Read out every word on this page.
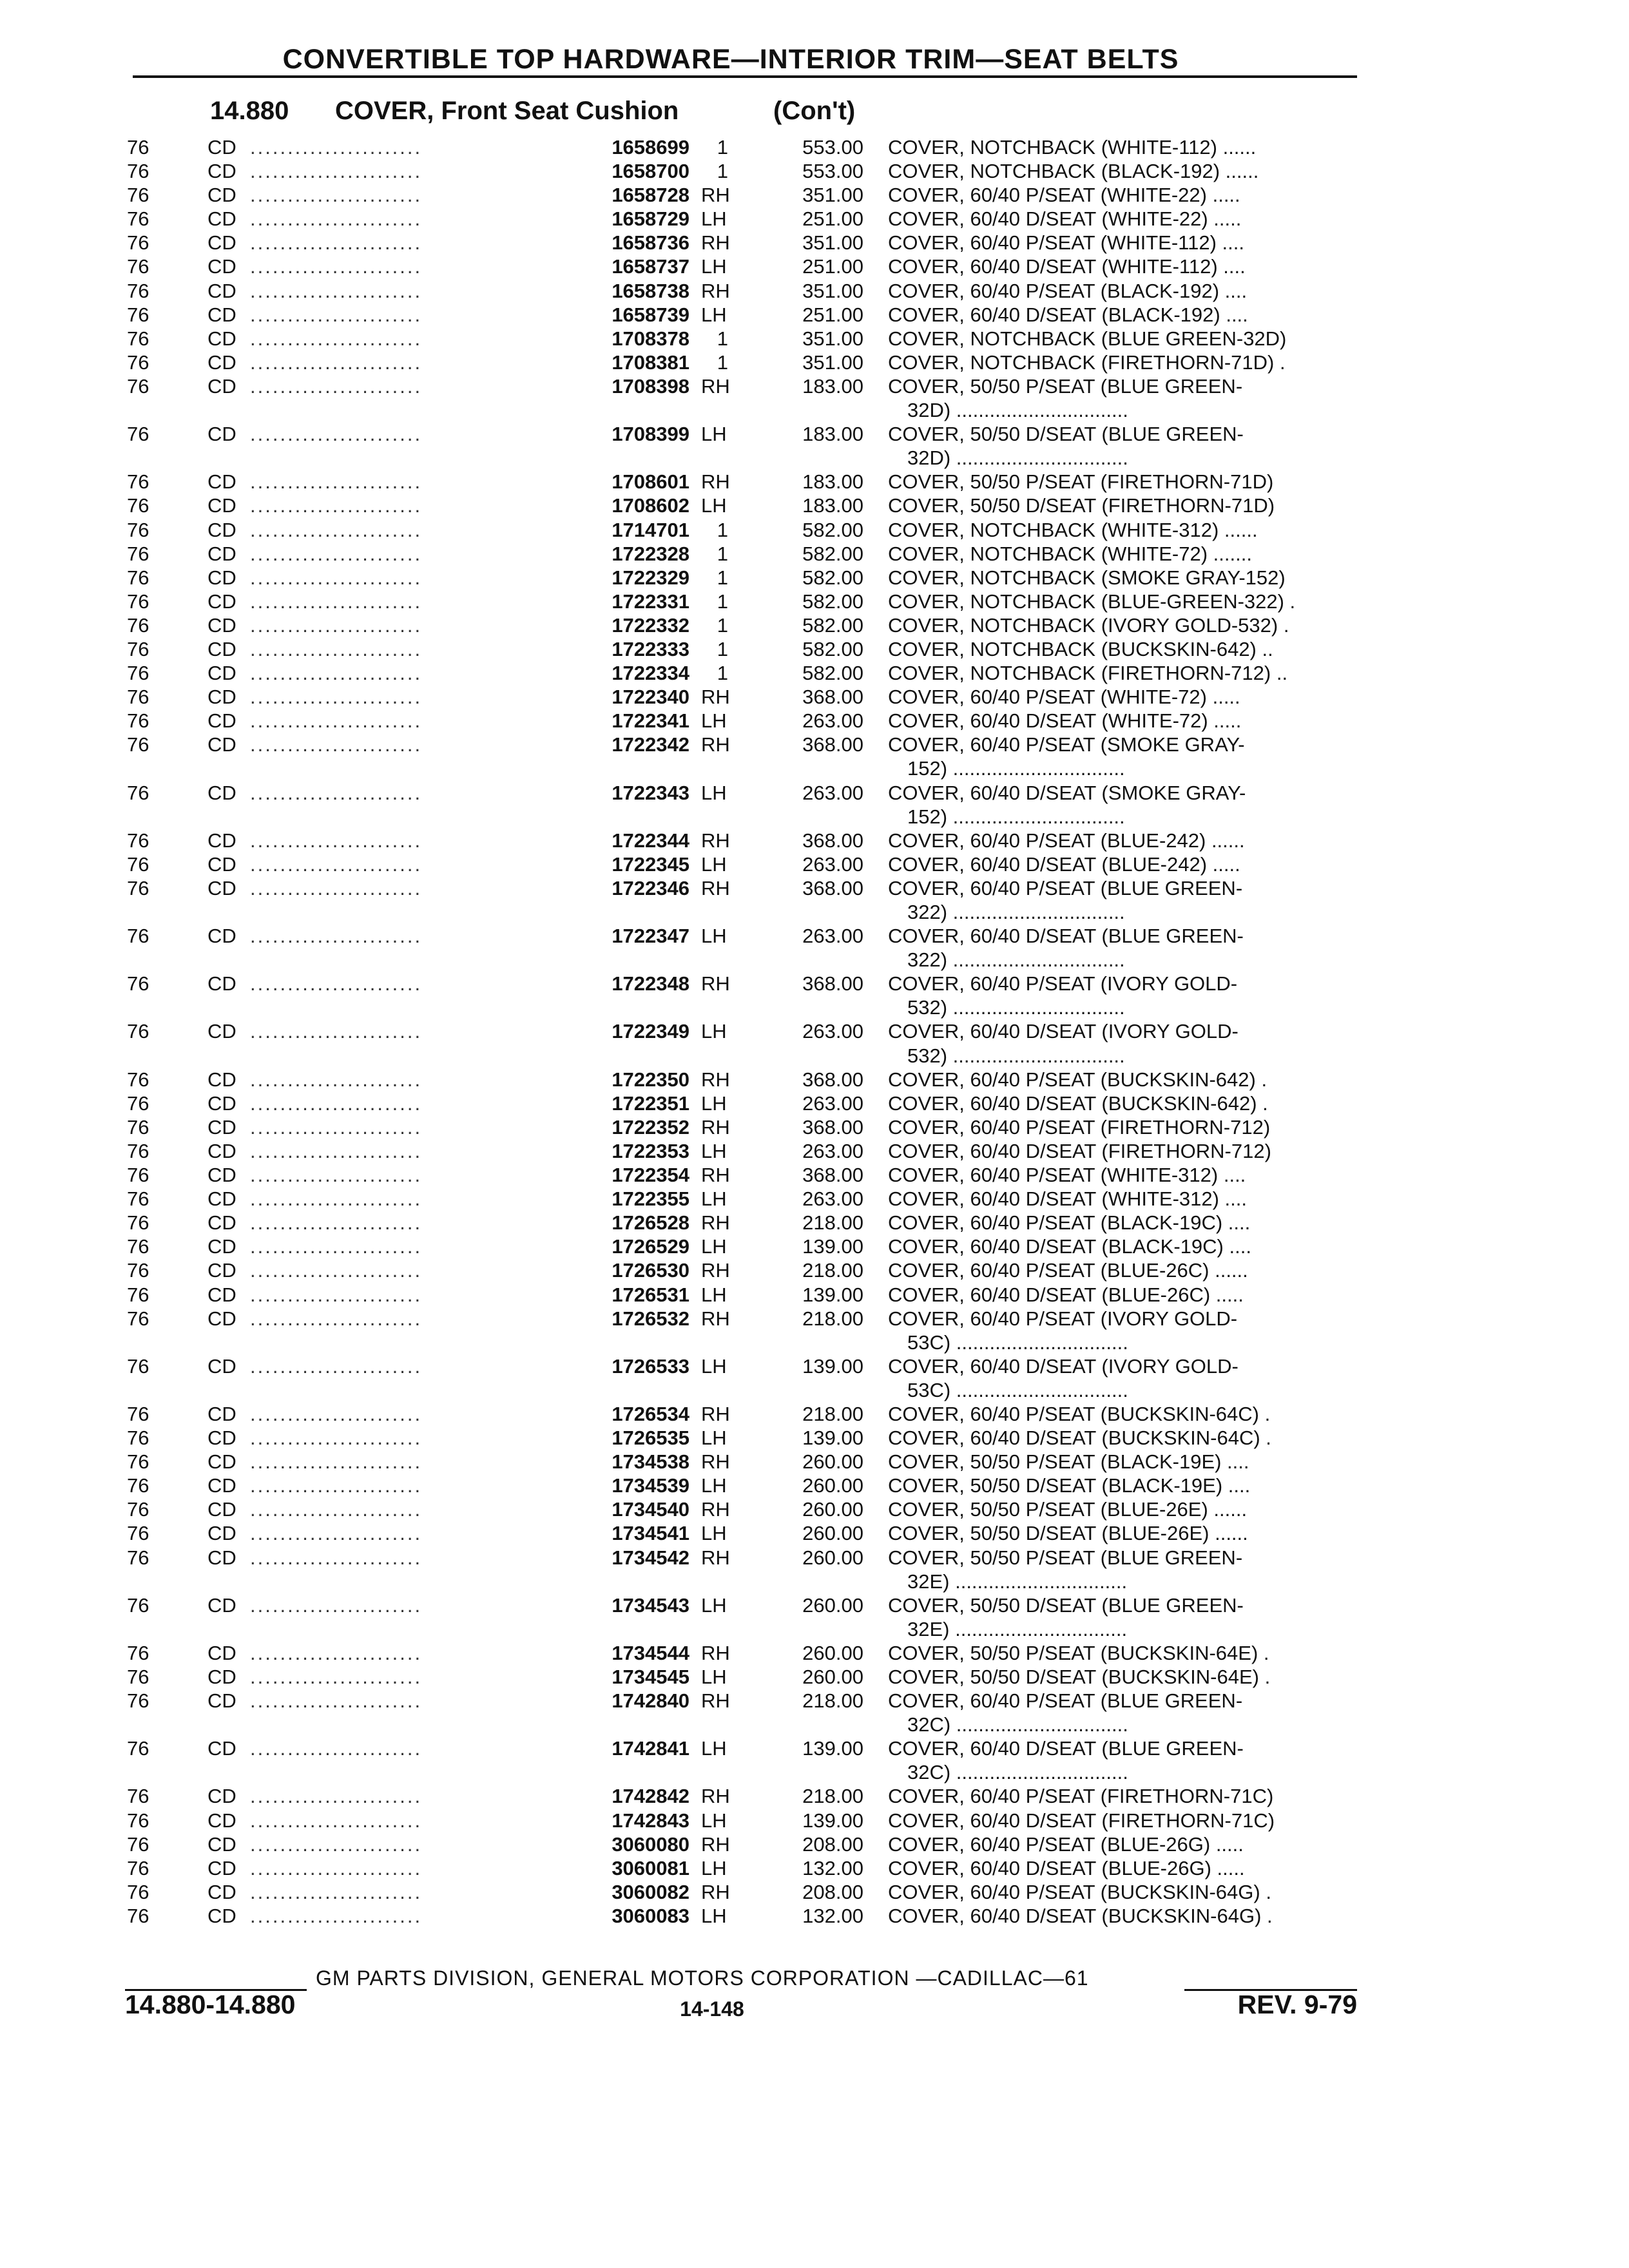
CONVERTIBLE TOP HARDWARE—INTERIOR TRIM—SEAT BELTS
14.880 COVER, Front Seat Cushion	(Con't)
76	CD .......................	1658699	1	553.00 COVER, NOTCHBACK (WHITE-112) ......
76	CD .......................	1658700	1	553.00 COVER, NOTCHBACK (BLACK-192) ......
76	CD .......................	1658728 RH	351.00 COVER, 60/40 P/SEAT (WHITE-22) .....
76	CD .......................	1658729 LH	251.00 COVER, 60/40 D/SEAT (WHITE-22) .....
76	CD .......................	1658736 RH	351.00 COVER, 60/40 P/SEAT (WHITE-112) ....
76	CD .......................	1658737 LH	251.00 COVER, 60/40 D/SEAT (WHITE-112) ....
76	CD .......................	1658738 RH	351.00 COVER, 60/40 P/SEAT (BLACK-192) ....
76	CD .......................	1658739 LH	251.00 COVER, 60/40 D/SEAT (BLACK-192) ....
76	CD .......................	1708378	1	351.00 COVER, NOTCHBACK (BLUE GREEN-32D)
76	CD .......................	1708381	1	351.00 COVER, NOTCHBACK (FIRETHORN-71D) .
76	CD .......................	1708398 RH	183.00 COVER, 50/50 P/SEAT (BLUE GREEN-
32D) ...............................
76	CD .......................	1708399 LH	183.00 COVER, 50/50 D/SEAT (BLUE GREEN-
32D) ...............................
76	CD .......................	1708601 RH	183.00 COVER, 50/50 P/SEAT (FIRETHORN-71D)
76	CD .......................	1708602 LH	183.00 COVER, 50/50 D/SEAT (FIRETHORN-71D)
76	CD .......................	1714701	1	582.00 COVER, NOTCHBACK (WHITE-312) ......
76	CD .......................	1722328	1	582.00 COVER, NOTCHBACK (WHITE-72) .......
76	CD .......................	1722329	1	582.00 COVER, NOTCHBACK (SMOKE GRAY-152)
76	CD .......................	1722331	1	582.00 COVER, NOTCHBACK (BLUE-GREEN-322) .
76	CD .......................	1722332	1	582.00 COVER, NOTCHBACK (IVORY GOLD-532) .
76	CD .......................	1722333	1	582.00 COVER, NOTCHBACK (BUCKSKIN-642) ..
76	CD .......................	1722334	1	582.00 COVER, NOTCHBACK (FIRETHORN-712) ..
76	CD .......................	1722340 RH	368.00 COVER, 60/40 P/SEAT (WHITE-72) .....
76	CD .......................	1722341 LH	263.00 COVER, 60/40 D/SEAT (WHITE-72) .....
76	CD .......................	1722342 RH	368.00 COVER, 60/40 P/SEAT (SMOKE GRAY-
152) ...............................
76	CD .......................	1722343 LH	263.00 COVER, 60/40 D/SEAT (SMOKE GRAY-
152) ...............................
76	CD .......................	1722344 RH	368.00 COVER, 60/40 P/SEAT (BLUE-242) ......
76	CD .......................	1722345 LH	263.00 COVER, 60/40 D/SEAT (BLUE-242) .....
76	CD .......................	1722346 RH	368.00 COVER, 60/40 P/SEAT (BLUE GREEN-
322) ...............................
76	CD .......................	1722347 LH	263.00 COVER, 60/40 D/SEAT (BLUE GREEN-
322) ...............................
76	CD .......................	1722348 RH	368.00 COVER, 60/40 P/SEAT (IVORY GOLD-
532) ...............................
76	CD .......................	1722349 LH	263.00 COVER, 60/40 D/SEAT (IVORY GOLD-
532) ...............................
76	CD .......................	1722350 RH	368.00 COVER, 60/40 P/SEAT (BUCKSKIN-642) .
76	CD .......................	1722351 LH	263.00 COVER, 60/40 D/SEAT (BUCKSKIN-642) .
76	CD .......................	1722352 RH	368.00 COVER, 60/40 P/SEAT (FIRETHORN-712)
76	CD .......................	1722353 LH	263.00 COVER, 60/40 D/SEAT (FIRETHORN-712)
76	CD .......................	1722354 RH	368.00 COVER, 60/40 P/SEAT (WHITE-312) ....
76	CD .......................	1722355 LH	263.00 COVER, 60/40 D/SEAT (WHITE-312) ....
76	CD .......................	1726528 RH	218.00 COVER, 60/40 P/SEAT (BLACK-19C) ....
76	CD .......................	1726529 LH	139.00 COVER, 60/40 D/SEAT (BLACK-19C) ....
76	CD .......................	1726530 RH	218.00 COVER, 60/40 P/SEAT (BLUE-26C) ......
76	CD .......................	1726531 LH	139.00 COVER, 60/40 D/SEAT (BLUE-26C) .....
76	CD .......................	1726532 RH	218.00 COVER, 60/40 P/SEAT (IVORY GOLD-
53C) ...............................
76	CD .......................	1726533 LH	139.00 COVER, 60/40 D/SEAT (IVORY GOLD-
53C) ...............................
76	CD .......................	1726534 RH	218.00 COVER, 60/40 P/SEAT (BUCKSKIN-64C) .
76	CD .......................	1726535 LH	139.00 COVER, 60/40 D/SEAT (BUCKSKIN-64C) .
76	CD .......................	1734538 RH	260.00 COVER, 50/50 P/SEAT (BLACK-19E) ....
76	CD .......................	1734539 LH	260.00 COVER, 50/50 D/SEAT (BLACK-19E) ....
76	CD .......................	1734540 RH	260.00 COVER, 50/50 P/SEAT (BLUE-26E) ......
76	CD .......................	1734541 LH	260.00 COVER, 50/50 D/SEAT (BLUE-26E) ......
76	CD .......................	1734542 RH	260.00 COVER, 50/50 P/SEAT (BLUE GREEN-
32E) ...............................
76	CD .......................	1734543 LH	260.00 COVER, 50/50 D/SEAT (BLUE GREEN-
32E) ...............................
76	CD .......................	1734544 RH	260.00 COVER, 50/50 P/SEAT (BUCKSKIN-64E) .
76	CD .......................	1734545 LH	260.00 COVER, 50/50 D/SEAT (BUCKSKIN-64E) .
76	CD .......................	1742840 RH	218.00 COVER, 60/40 P/SEAT (BLUE GREEN-
32C) ...............................
76	CD .......................	1742841 LH	139.00 COVER, 60/40 D/SEAT (BLUE GREEN-
32C) ...............................
76	CD .......................	1742842 RH	218.00 COVER, 60/40 P/SEAT (FIRETHORN-71C)
76	CD .......................	1742843 LH	139.00 COVER, 60/40 D/SEAT (FIRETHORN-71C)
76	CD .......................	3060080 RH	208.00 COVER, 60/40 P/SEAT (BLUE-26G) .....
76	CD .......................	3060081 LH	132.00 COVER, 60/40 D/SEAT (BLUE-26G) .....
76	CD .......................	3060082 RH	208.00 COVER, 60/40 P/SEAT (BUCKSKIN-64G) .
76	CD .......................	3060083 LH	132.00 COVER, 60/40 D/SEAT (BUCKSKIN-64G) .
GM PARTS DIVISION, GENERAL MOTORS CORPORATION —CADILLAC—61
14.880-14.880	14-148	REV. 9-79
